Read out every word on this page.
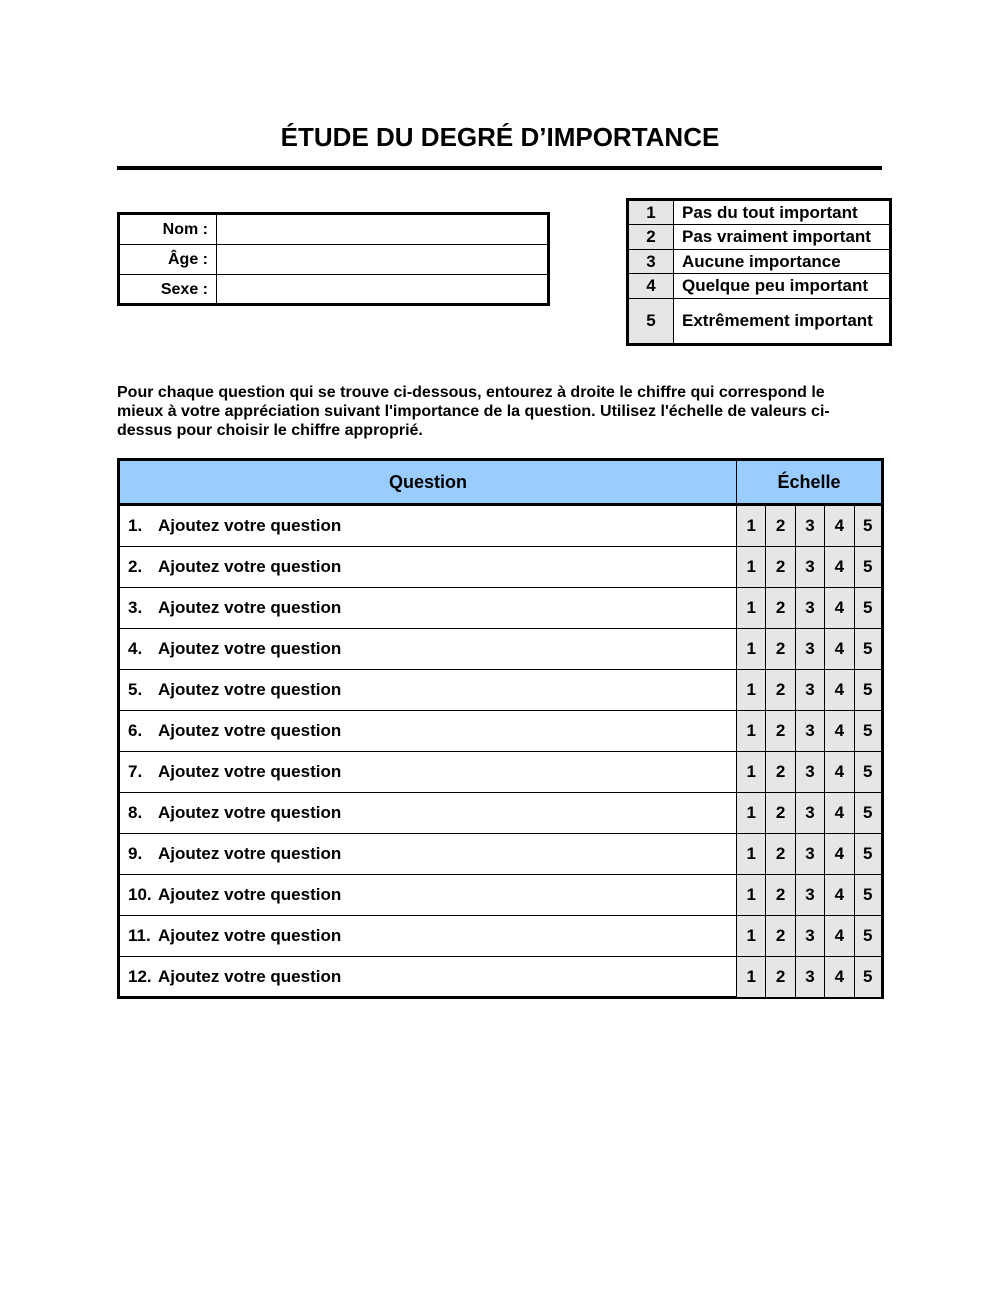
ÉTUDE DU DEGRÉ D’IMPORTANCE
Nom :
Âge :
Sexe :
1	Pas du tout important
2	Pas vraiment important
3	Aucune importance
4	Quelque peu important
5	Extrêmement important
Pour chaque question qui se trouve ci-dessous, entourez à droite le chiffre qui correspond le mieux à votre appréciation suivant l'importance de la question. Utilisez l'échelle de valeurs ci-dessus pour choisir le chiffre approprié.
Question	Échelle
1. Ajoutez votre question	1	2	3	4	5
2. Ajoutez votre question	1	2	3	4	5
3. Ajoutez votre question	1	2	3	4	5
4. Ajoutez votre question	1	2	3	4	5
5. Ajoutez votre question	1	2	3	4	5
6. Ajoutez votre question	1	2	3	4	5
7. Ajoutez votre question	1	2	3	4	5
8. Ajoutez votre question	1	2	3	4	5
9. Ajoutez votre question	1	2	3	4	5
10. Ajoutez votre question	1	2	3	4	5
11. Ajoutez votre question	1	2	3	4	5
12. Ajoutez votre question	1	2	3	4	5
